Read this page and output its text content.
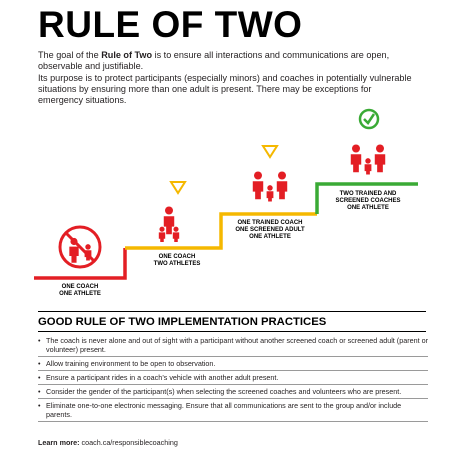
RULE OF TWO

The goal of the Rule of Two is to ensure all interactions and communications are open, observable and justifiable.

Its purpose is to protect participants (especially minors) and coaches in potentially vulnerable situations by ensuring more than one adult is present. There may be exceptions for emergency situations.

ONE COACH
ONE ATHLETE
ONE COACH
TWO ATHLETES
ONE TRAINED COACH
ONE SCREENED ADULT
ONE ATHLETE
TWO TRAINED AND
SCREENED COACHES
ONE ATHLETE
GOOD RULE OF TWO IMPLEMENTATION PRACTICES
• The coach is never alone and out of sight with a participant without another screened coach or screened adult (parent or volunteer) present.
• Allow training environment to be open to observation.
• Ensure a participant rides in a coach’s vehicle with another adult present.
• Consider the gender of the participant(s) when selecting the screened coaches and volunteers who are present.
• Eliminate one-to-one electronic messaging. Ensure that all communications are sent to the group and/or include parents.
Learn more: coach.ca/responsiblecoaching
